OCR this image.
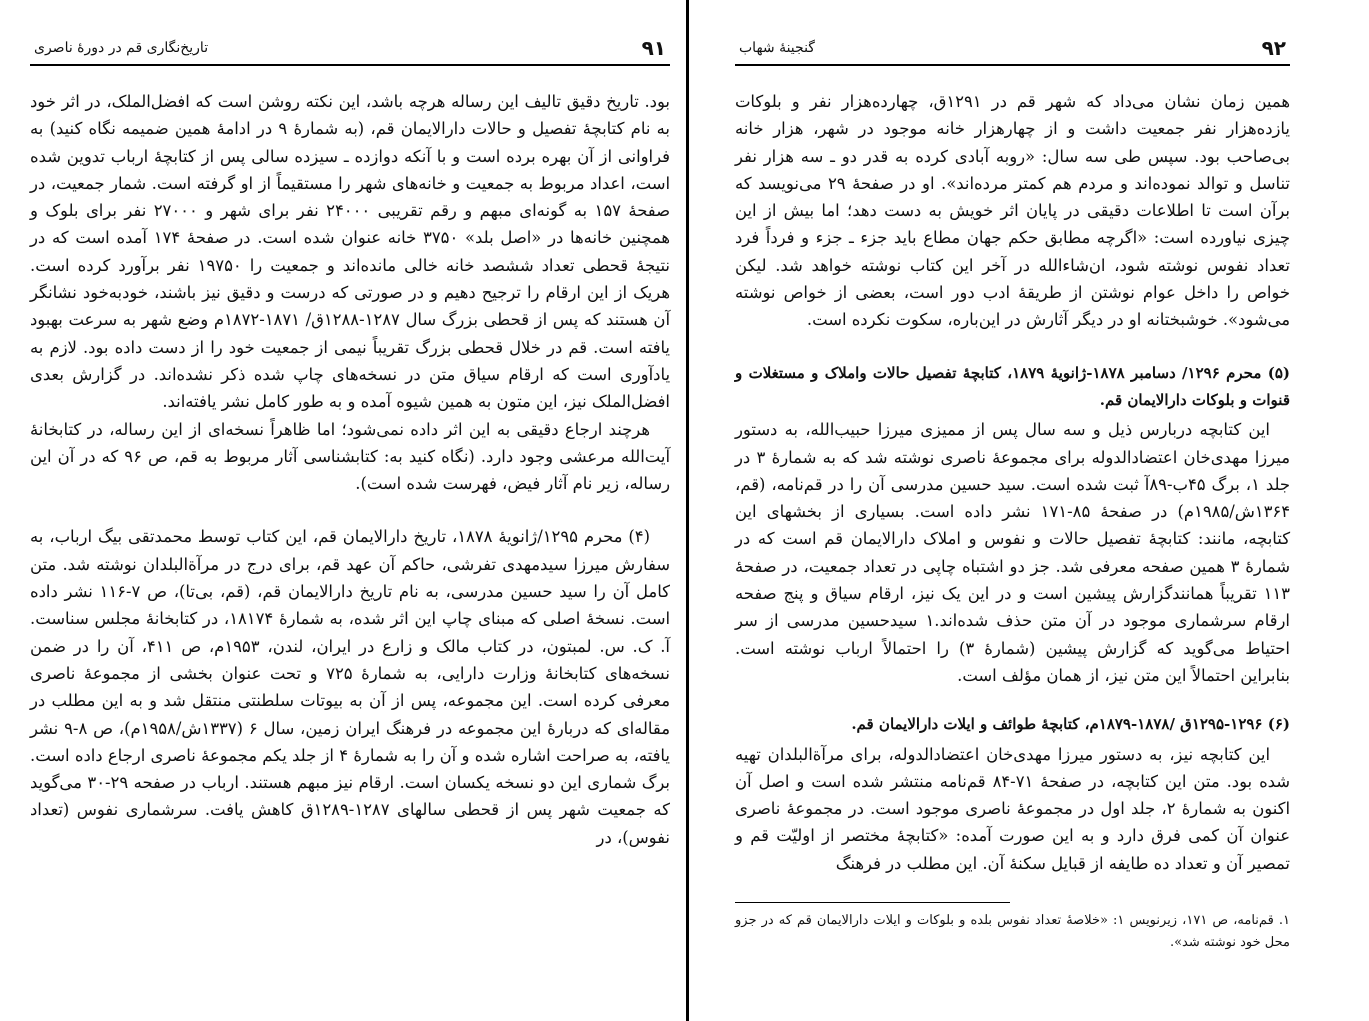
۹۱
تاریخ‌نگاری قم در دورهٔ ناصری

بود. تاریخ دقیق تالیف این رساله هرچه باشد، این نکته روشن است که افضل‌الملک، در اثر خود به نام کتابچهٔ تفصیل و حالات دارالایمان قم، (به شمارهٔ ۹ در ادامهٔ همین ضمیمه نگاه کنید) به فراوانی از آن بهره برده است و با آنکه دوازده ـ سیزده سالی پس از کتابچهٔ ارباب تدوین شده است، اعداد مربوط به جمعیت و خانه‌های شهر را مستقیماً از او گرفته است. شمار جمعیت، در صفحهٔ ۱۵۷ به گونه‌ای مبهم و رقم تقریبی ۲۴۰۰۰ نفر برای شهر و ۲۷۰۰۰ نفر برای بلوک و همچنین خانه‌ها در «اصل بلد» ۳۷۵۰ خانه عنوان شده است. در صفحهٔ ۱۷۴ آمده است که در نتیجهٔ قحطی تعداد ششصد خانه خالی مانده‌اند و جمعیت را ۱۹۷۵۰ نفر برآورد کرده است. هریک از این ارقام را ترجیح دهیم و در صورتی که درست و دقیق نیز باشند، خودبه‌خود نشانگر آن هستند که پس از قحطی بزرگ سال ۱۲۸۷-۱۲۸۸ق/ ۱۸۷۱-۱۸۷۲م وضع شهر به سرعت بهبود یافته است. قم در خلال قحطی بزرگ تقریباً نیمی از جمعیت خود را از دست داده بود. لازم به یادآوری است که ارقام سیاق متن در نسخه‌های چاپ شده ذکر نشده‌اند. در گزارش بعدی افضل‌الملک نیز، این متون به همین شیوه آمده و به طور کامل نشر یافته‌اند.

هرچند ارجاع دقیقی به این اثر داده نمی‌شود؛ اما ظاهراً نسخه‌ای از این رساله، در کتابخانهٔ آیت‌الله مرعشی وجود دارد. (نگاه کنید به: کتابشناسی آثار مربوط به قم، ص ۹۶ که در آن این رساله، زیر نام آثار فیض، فهرست شده است).

(۴) محرم ۱۲۹۵/ژانویهٔ ۱۸۷۸، تاریخ دارالایمان قم، این کتاب توسط محمدتقی بیگ ارباب، به سفارش میرزا سیدمهدی تفرشی، حاکم آن عهد قم، برای درج در مرآة‌البلدان نوشته شد. متن کامل آن را سید حسین مدرسی، به نام تاریخ دارالایمان قم، (قم، بی‌تا)، ص ۷-۱۱۶ نشر داده است. نسخهٔ اصلی که مبنای چاپ این اثر شده، به شمارهٔ ۱۸۱۷۴، در کتابخانهٔ مجلس سناست. آ. ک. س. لمبتون، در کتاب مالک و زارع در ایران، لندن، ۱۹۵۳م، ص ۴۱۱، آن را در ضمن نسخه‌های کتابخانهٔ وزارت دارایی، به شمارهٔ ۷۲۵ و تحت عنوان بخشی از مجموعهٔ ناصری معرفی کرده است. این مجموعه، پس از آن به بیوتات سلطنتی منتقل شد و به این مطلب در مقاله‌ای که دربارهٔ این مجموعه در فرهنگ ایران زمین، سال ۶ (۱۳۳۷ش/۱۹۵۸م)، ص ۸-۹ نشر یافته، به صراحت اشاره شده و آن را به شمارهٔ ۴ از جلد یکم مجموعهٔ ناصری ارجاع داده است. برگ شماری این دو نسخه یکسان است. ارقام نیز مبهم هستند. ارباب در صفحه ۲۹-۳۰ می‌گوید که جمعیت شهر پس از قحطی سالهای ۱۲۸۷-۱۲۸۹ق کاهش یافت. سرشماری نفوس (تعداد نفوس)، در

۹۲
گنجینهٔ شهاب

همین زمان نشان می‌داد که شهر قم در ۱۲۹۱ق، چهارده‌هزار نفر و بلوکات یازده‌هزار نفر جمعیت داشت و از چهارهزار خانه موجود در شهر، هزار خانه بی‌صاحب بود. سپس طی سه سال: «روبه آبادی کرده به قدر دو ـ سه هزار نفر تناسل و توالد نموده‌اند و مردم هم کمتر مرده‌اند». او در صفحهٔ ۲۹ می‌نویسد که برآن است تا اطلاعات دقیقی در پایان اثر خویش به دست دهد؛ اما بیش از این چیزی نیاورده است: «اگرچه مطابق حکم جهان مطاع باید جزء ـ جزء و فرداً فرد تعداد نفوس نوشته شود، ان‌شاءالله در آخر این کتاب نوشته خواهد شد. لیکن خواص را داخل عوام نوشتن از طریقهٔ ادب دور است، بعضی از خواص نوشته می‌شود». خوشبختانه او در دیگر آثارش در این‌باره، سکوت نکرده است.

(۵) محرم ۱۲۹۶/ دسامبر ۱۸۷۸-ژانویهٔ ۱۸۷۹، کتابچهٔ تفصیل حالات واملاک و مستغلات و قنوات و بلوکات دارالایمان قم.

این کتابچه دربارس ذیل و سه سال پس از ممیزی میرزا حبیب‌الله، به دستور میرزا مهدی‌خان اعتضادالدوله برای مجموعهٔ ناصری نوشته شد که به شمارهٔ ۳ در جلد ۱، برگ ۴۵ب-۸۹آ ثبت شده است. سید حسین مدرسی آن را در قم‌نامه، (قم، ۱۳۶۴ش/۱۹۸۵م) در صفحهٔ ۸۵-۱۷۱ نشر داده است. بسیاری از بخشهای این کتابچه، مانند: کتابچهٔ تفصیل حالات و نفوس و املاک دارالایمان قم است که در شمارهٔ ۳ همین صفحه معرفی شد. جز دو اشتباه چاپی در تعداد جمعیت، در صفحهٔ ۱۱۳ تقریباً همانندگزارش پیشین است و در این یک نیز، ارقام سیاق و پنج صفحه ارقام سرشماری موجود در آن متن حذف شده‌اند.۱ سیدحسین مدرسی از سر احتیاط می‌گوید که گزارش پیشین (شمارهٔ ۳) را احتمالاً ارباب نوشته است. بنابراین احتمالاً این متن نیز، از همان مؤلف است.

(۶) ۱۲۹۵-۱۲۹۶ق /۱۸۷۸-۱۸۷۹م، کتابچهٔ طوائف و ایلات دارالایمان قم.

این کتابچه نیز، به دستور میرزا مهدی‌خان اعتضادالدوله، برای مرآة‌البلدان تهیه شده بود. متن این کتابچه، در صفحهٔ ۷۱-۸۴ قم‌نامه منتشر شده است و اصل آن اکنون به شمارهٔ ۲، جلد اول در مجموعهٔ ناصری موجود است. در مجموعهٔ ناصری عنوان آن کمی فرق دارد و به این صورت آمده: «کتابچهٔ مختصر از اولیّت قم و تمصیر آن و تعداد ده طایفه از قبایل سکنهٔ آن. این مطلب در فرهنگ

۱. قم‌نامه، ص ۱۷۱، زیرنویس ۱: «خلاصهٔ تعداد نفوس بلده و بلوکات و ایلات دارالایمان قم که در جزو محل خود نوشته شد».
